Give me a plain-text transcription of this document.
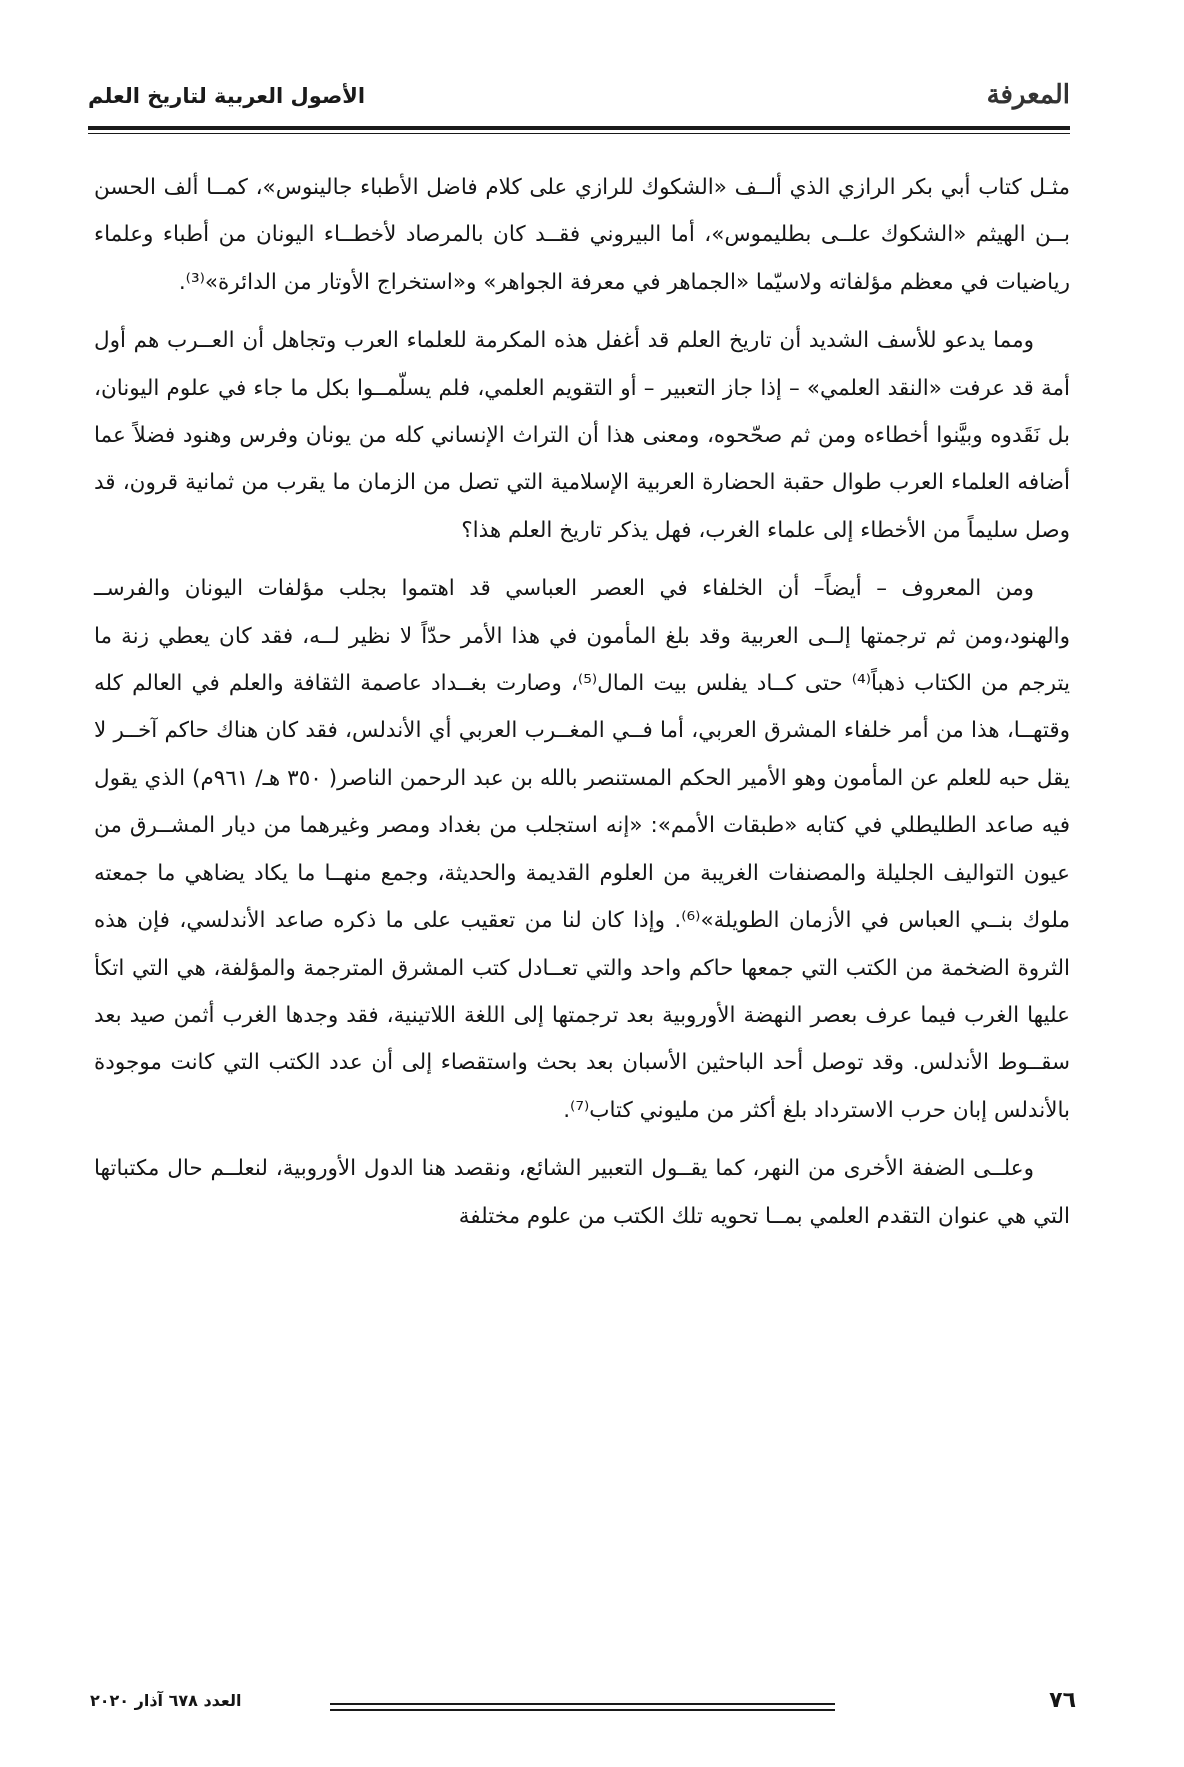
المعرفة
الأصول العربية لتاريخ العلم

مثـل كتاب أبي بكر الرازي الذي ألــف «الشكوك للرازي على كلام فاضل الأطباء جالينوس»، كمــا ألف الحسن بــن الهيثم «الشكوك علــى بطليموس»، أما البيروني فقــد كان بالمرصاد لأخطــاء اليونان من أطباء وعلماء رياضيات في معظم مؤلفاته ولاسيّما «الجماهر في معرفة الجواهر» و«استخراج الأوتار من الدائرة»⁽³⁾.

ومما يدعو للأسف الشديد أن تاريخ العلم قد أغفل هذه المكرمة للعلماء العرب وتجاهل أن العــرب هم أول أمة قد عرفت «النقد العلمي» – إذا جاز التعبير – أو التقويم العلمي، فلم يسلّمــوا بكل ما جاء في علوم اليونان، بل نَقَدوه وبيَّنوا أخطاءه ومن ثم صحّحوه، ومعنى هذا أن التراث الإنساني كله من يونان وفرس وهنود فضلاً عما أضافه العلماء العرب طوال حقبة الحضارة العربية الإسلامية التي تصل من الزمان ما يقرب من ثمانية قرون، قد وصل سليماً من الأخطاء إلى علماء الغرب، فهل يذكر تاريخ العلم هذا؟

ومن المعروف – أيضاً– أن الخلفاء في العصر العباسي قد اهتموا بجلب مؤلفات اليونان والفرســ والهنود،ومن ثم ترجمتها إلــى العربية وقد بلغ المأمون في هذا الأمر حدّاً لا نظير لــه، فقد كان يعطي زنة ما يترجم من الكتاب ذهباً⁽⁴⁾ حتى كــاد يفلس بيت المال⁽⁵⁾، وصارت بغــداد عاصمة الثقافة والعلم في العالم كله وقتهــا، هذا من أمر خلفاء المشرق العربي، أما فــي المغــرب العربي أي الأندلس، فقد كان هناك حاكم آخــر لا يقل حبه للعلم عن المأمون وهو الأمير الحكم المستنصر بالله بن عبد الرحمن الناصر( ٣٥٠ هـ/ ٩٦١م) الذي يقول فيه صاعد الطليطلي في كتابه «طبقات الأمم»: «إنه استجلب من بغداد ومصر وغيرهما من ديار المشــرق من عيون التواليف الجليلة والمصنفات الغريبة من العلوم القديمة والحديثة، وجمع منهــا ما يكاد يضاهي ما جمعته ملوك بنــي العباس في الأزمان الطويلة»⁽⁶⁾. وإذا كان لنا من تعقيب على ما ذكره صاعد الأندلسي، فإن هذه الثروة الضخمة من الكتب التي جمعها حاكم واحد والتي تعــادل كتب المشرق المترجمة والمؤلفة، هي التي اتكأ عليها الغرب فيما عرف بعصر النهضة الأوروبية بعد ترجمتها إلى اللغة اللاتينية، فقد وجدها الغرب أثمن صيد بعد سقــوط الأندلس. وقد توصل أحد الباحثين الأسبان بعد بحث واستقصاء إلى أن عدد الكتب التي كانت موجودة بالأندلس إبان حرب الاسترداد بلغ أكثر من مليوني كتاب⁽⁷⁾.

وعلــى الضفة الأخرى من النهر، كما يقــول التعبير الشائع، ونقصد هنا الدول الأوروبية، لنعلــم حال مكتباتها التي هي عنوان التقدم العلمي بمــا تحويه تلك الكتب من علوم مختلفة

٧٦
العدد ٦٧٨ آذار ٢٠٢٠
